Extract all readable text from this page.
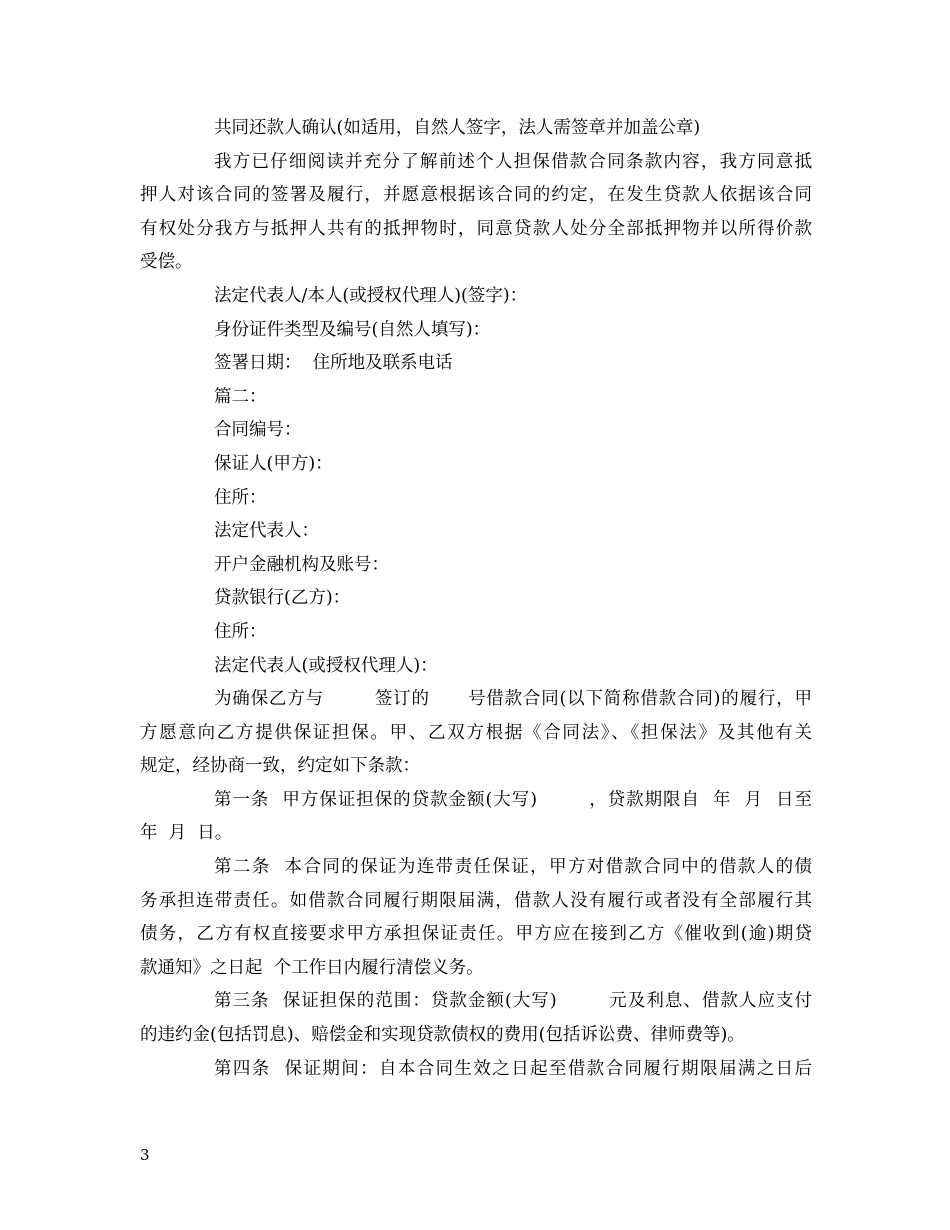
共同还款人确认(如适用，自然人签字，法人需签章并加盖公章)
我方已仔细阅读并充分了解前述个人担保借款合同条款内容，我方同意抵
押人对该合同的签署及履行，并愿意根据该合同的约定，在发生贷款人依据该合同
有权处分我方与抵押人共有的抵押物时，同意贷款人处分全部抵押物并以所得价款
受偿。
法定代表人/本人(或授权代理人)(签字)：
身份证件类型及编号(自然人填写)：
签署日期：  住所地及联系电话
篇二：
合同编号：
保证人(甲方)：
住所：
法定代表人：
开户金融机构及账号：
贷款银行(乙方)：
住所：
法定代表人(或授权代理人)：
为确保乙方与        签订的      号借款合同(以下简称借款合同)的履行，甲
方愿意向乙方提供保证担保。甲、乙双方根据《合同法》、《担保法》及其他有关
规定，经协商一致，约定如下条款：
第一条  甲方保证担保的贷款金额(大写)        ，贷款期限自  年  月  日至
年  月  日。
第二条  本合同的保证为连带责任保证，甲方对借款合同中的借款人的债
务承担连带责任。如借款合同履行期限届满，借款人没有履行或者没有全部履行其
债务，乙方有权直接要求甲方承担保证责任。甲方应在接到乙方《催收到(逾)期贷
款通知》之日起  个工作日内履行清偿义务。
第三条  保证担保的范围：贷款金额(大写)        元及利息、借款人应支付
的违约金(包括罚息)、赔偿金和实现贷款债权的费用(包括诉讼费、律师费等)。
第四条  保证期间：自本合同生效之日起至借款合同履行期限届满之日后
3
